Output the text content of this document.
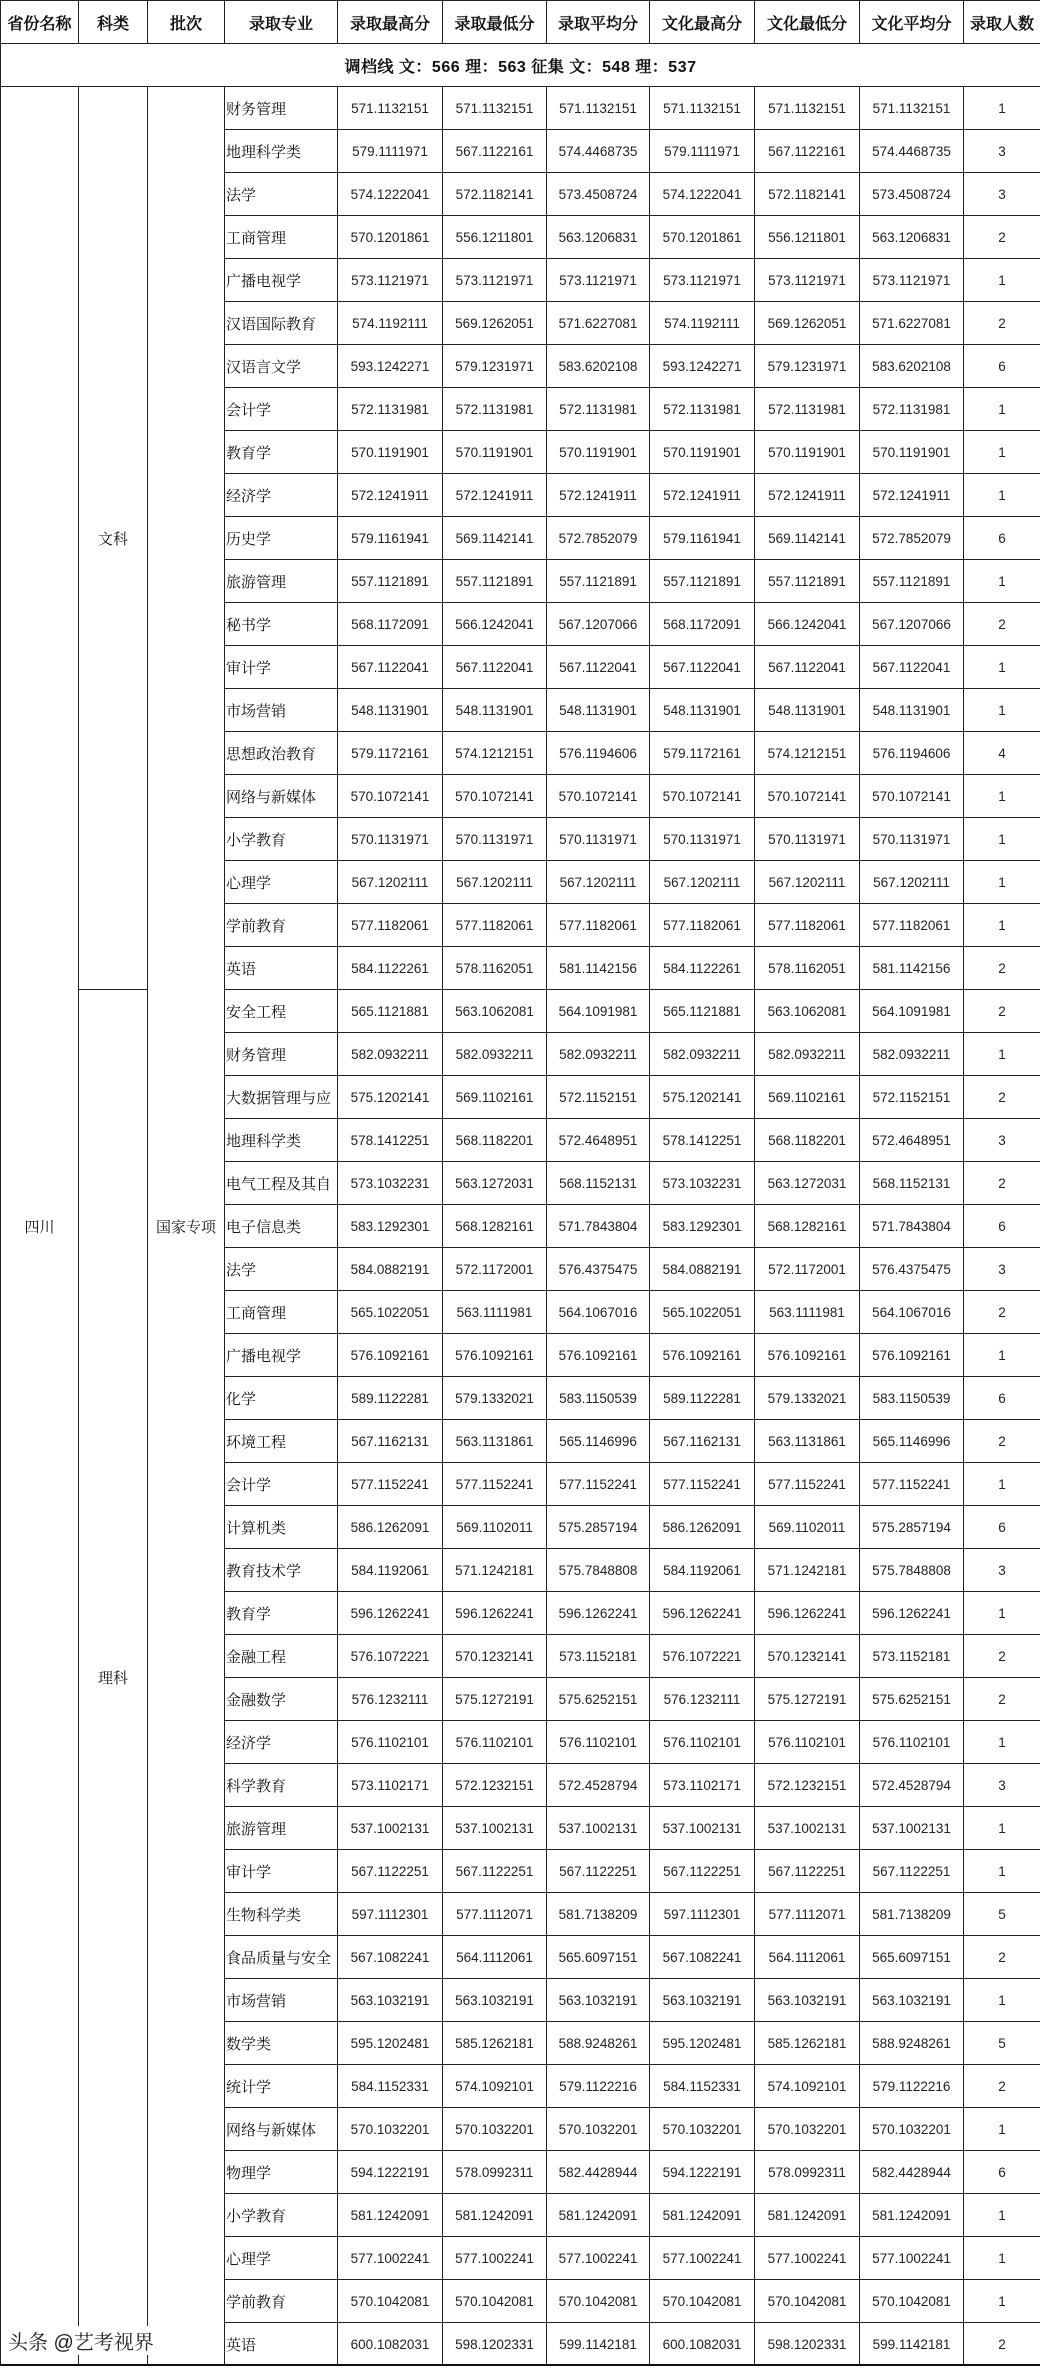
省份名称	科类	批次	录取专业	录取最高分	录取最低分	录取平均分	文化最高分	文化最低分	文化平均分	录取人数
调档线 文：566 理：563 征集 文：548 理：537										
四川	文科	国家专项	财务管理	571.1132151	571.1132151	571.1132151	571.1132151	571.1132151	571.1132151	1
			地理科学类	579.1111971	567.1122161	574.4468735	579.1111971	567.1122161	574.4468735	3
			法学	574.1222041	572.1182141	573.4508724	574.1222041	572.1182141	573.4508724	3
			工商管理	570.1201861	556.1211801	563.1206831	570.1201861	556.1211801	563.1206831	2
			广播电视学	573.1121971	573.1121971	573.1121971	573.1121971	573.1121971	573.1121971	1
			汉语国际教育	574.1192111	569.1262051	571.6227081	574.1192111	569.1262051	571.6227081	2
			汉语言文学	593.1242271	579.1231971	583.6202108	593.1242271	579.1231971	583.6202108	6
			会计学	572.1131981	572.1131981	572.1131981	572.1131981	572.1131981	572.1131981	1
			教育学	570.1191901	570.1191901	570.1191901	570.1191901	570.1191901	570.1191901	1
			经济学	572.1241911	572.1241911	572.1241911	572.1241911	572.1241911	572.1241911	1
			历史学	579.1161941	569.1142141	572.7852079	579.1161941	569.1142141	572.7852079	6
			旅游管理	557.1121891	557.1121891	557.1121891	557.1121891	557.1121891	557.1121891	1
			秘书学	568.1172091	566.1242041	567.1207066	568.1172091	566.1242041	567.1207066	2
			审计学	567.1122041	567.1122041	567.1122041	567.1122041	567.1122041	567.1122041	1
			市场营销	548.1131901	548.1131901	548.1131901	548.1131901	548.1131901	548.1131901	1
			思想政治教育	579.1172161	574.1212151	576.1194606	579.1172161	574.1212151	576.1194606	4
			网络与新媒体	570.1072141	570.1072141	570.1072141	570.1072141	570.1072141	570.1072141	1
			小学教育	570.1131971	570.1131971	570.1131971	570.1131971	570.1131971	570.1131971	1
			心理学	567.1202111	567.1202111	567.1202111	567.1202111	567.1202111	567.1202111	1
			学前教育	577.1182061	577.1182061	577.1182061	577.1182061	577.1182061	577.1182061	1
			英语	584.1122261	578.1162051	581.1142156	584.1122261	578.1162051	581.1142156	2
	理科		安全工程	565.1121881	563.1062081	564.1091981	565.1121881	563.1062081	564.1091981	2
			财务管理	582.0932211	582.0932211	582.0932211	582.0932211	582.0932211	582.0932211	1
			大数据管理与应	575.1202141	569.1102161	572.1152151	575.1202141	569.1102161	572.1152151	2
			地理科学类	578.1412251	568.1182201	572.4648951	578.1412251	568.1182201	572.4648951	3
			电气工程及其自	573.1032231	563.1272031	568.1152131	573.1032231	563.1272031	568.1152131	2
			电子信息类	583.1292301	568.1282161	571.7843804	583.1292301	568.1282161	571.7843804	6
			法学	584.0882191	572.1172001	576.4375475	584.0882191	572.1172001	576.4375475	3
			工商管理	565.1022051	563.1111981	564.1067016	565.1022051	563.1111981	564.1067016	2
			广播电视学	576.1092161	576.1092161	576.1092161	576.1092161	576.1092161	576.1092161	1
			化学	589.1122281	579.1332021	583.1150539	589.1122281	579.1332021	583.1150539	6
			环境工程	567.1162131	563.1131861	565.1146996	567.1162131	563.1131861	565.1146996	2
			会计学	577.1152241	577.1152241	577.1152241	577.1152241	577.1152241	577.1152241	1
			计算机类	586.1262091	569.1102011	575.2857194	586.1262091	569.1102011	575.2857194	6
			教育技术学	584.1192061	571.1242181	575.7848808	584.1192061	571.1242181	575.7848808	3
			教育学	596.1262241	596.1262241	596.1262241	596.1262241	596.1262241	596.1262241	1
			金融工程	576.1072221	570.1232141	573.1152181	576.1072221	570.1232141	573.1152181	2
			金融数学	576.1232111	575.1272191	575.6252151	576.1232111	575.1272191	575.6252151	2
			经济学	576.1102101	576.1102101	576.1102101	576.1102101	576.1102101	576.1102101	1
			科学教育	573.1102171	572.1232151	572.4528794	573.1102171	572.1232151	572.4528794	3
			旅游管理	537.1002131	537.1002131	537.1002131	537.1002131	537.1002131	537.1002131	1
			审计学	567.1122251	567.1122251	567.1122251	567.1122251	567.1122251	567.1122251	1
			生物科学类	597.1112301	577.1112071	581.7138209	597.1112301	577.1112071	581.7138209	5
			食品质量与安全	567.1082241	564.1112061	565.6097151	567.1082241	564.1112061	565.6097151	2
			市场营销	563.1032191	563.1032191	563.1032191	563.1032191	563.1032191	563.1032191	1
			数学类	595.1202481	585.1262181	588.9248261	595.1202481	585.1262181	588.9248261	5
			统计学	584.1152331	574.1092101	579.1122216	584.1152331	574.1092101	579.1122216	2
			网络与新媒体	570.1032201	570.1032201	570.1032201	570.1032201	570.1032201	570.1032201	1
			物理学	594.1222191	578.0992311	582.4428944	594.1222191	578.0992311	582.4428944	6
			小学教育	581.1242091	581.1242091	581.1242091	581.1242091	581.1242091	581.1242091	1
			心理学	577.1002241	577.1002241	577.1002241	577.1002241	577.1002241	577.1002241	1
			学前教育	570.1042081	570.1042081	570.1042081	570.1042081	570.1042081	570.1042081	1
			英语	600.1082031	598.1202331	599.1142181	600.1082031	598.1202331	599.1142181	2
头条 @艺考视界
